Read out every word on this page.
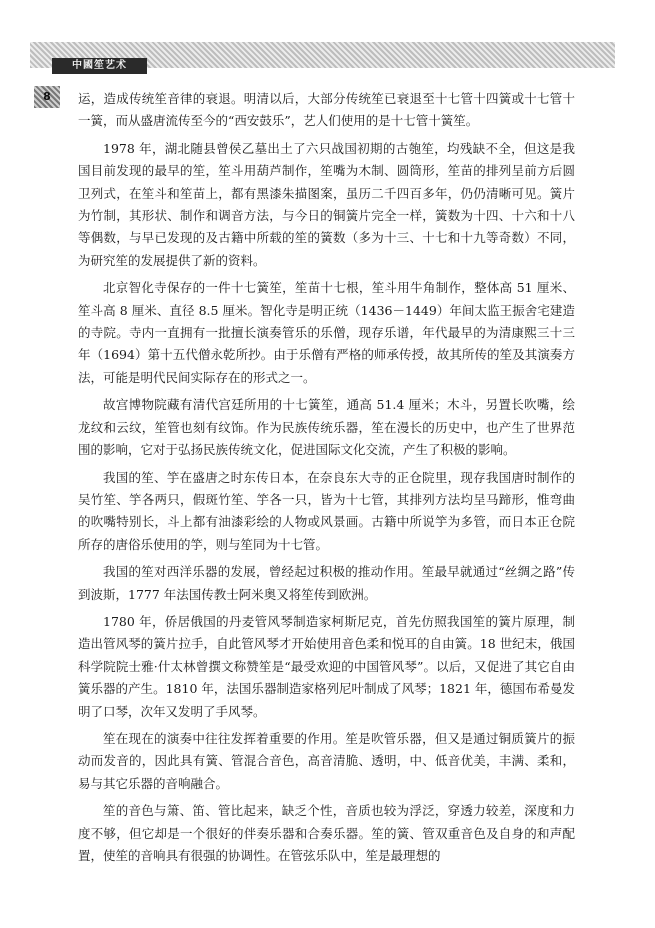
中國笙艺术
8	运，造成传统笙音律的衰退。明清以后，大部分传统笙已衰退至十七管十四簧或十七管十一簧，而从盛唐流传至今的“西安鼓乐”，艺人们使用的是十七管十簧笙。

1978 年，湖北随县曾侯乙墓出土了六只战国初期的古匏笙，均残缺不全，但这是我国目前发现的最早的笙，笙斗用葫芦制作，笙嘴为木制、圆筒形，笙苗的排列呈前方后圆卫列式，在笙斗和笙苗上，都有黑漆朱描图案，虽历二千四百多年，仍仍清晰可见。簧片为竹制，其形状、制作和调音方法，与今日的铜簧片完全一样，簧数为十四、十六和十八等偶数，与早已发现的及古籍中所载的笙的簧数（多为十三、十七和十九等奇数）不同，为研究笙的发展提供了新的资料。

北京智化寺保存的一件十七簧笙，笙苗十七根，笙斗用牛角制作，整体高 51 厘米、笙斗高 8 厘米、直径 8.5 厘米。智化寺是明正统（1436－1449）年间太监王振舍宅建造的寺院。寺内一直拥有一批擅长演奏管乐的乐僧，现存乐谱，年代最早的为清康熙三十三年（1694）第十五代僧永乾所抄。由于乐僧有严格的师承传授，故其所传的笙及其演奏方法，可能是明代民间实际存在的形式之一。

故宫博物院藏有清代宫廷所用的十七簧笙，通高 51.4 厘米；木斗，另置长吹嘴，绘龙纹和云纹，笙管也刻有纹饰。作为民族传统乐器，笙在漫长的历史中，也产生了世界范围的影响，它对于弘扬民族传统文化，促进国际文化交流，产生了积极的影响。

我国的笙、竽在盛唐之时东传日本，在奈良东大寺的正仓院里，现存我国唐时制作的吴竹笙、竽各两只，假斑竹笙、竽各一只，皆为十七管，其排列方法均呈马蹄形，惟弯曲的吹嘴特别长，斗上都有油漆彩绘的人物或风景画。古籍中所说竽为多管，而日本正仓院所存的唐俗乐使用的竽，则与笙同为十七管。

我国的笙对西洋乐器的发展，曾经起过积极的推动作用。笙最早就通过“丝绸之路”传到波斯，1777 年法国传教士阿米奥又将笙传到欧洲。

1780 年，侨居俄国的丹麦管风琴制造家柯斯尼克，首先仿照我国笙的簧片原理，制造出管风琴的簧片拉手，自此管风琴才开始使用音色柔和悦耳的自由簧。18 世纪末，俄国科学院院士雅·什太林曾撰文称赞笙是“最受欢迎的中国管风琴”。以后，又促进了其它自由簧乐器的产生。1810 年，法国乐器制造家格列尼叶制成了风琴；1821 年，德国布希曼发明了口琴，次年又发明了手风琴。

笙在现在的演奏中往往发挥着重要的作用。笙是吹管乐器，但又是通过铜质簧片的振动而发音的，因此具有簧、管混合音色，高音清脆、透明，中、低音优美，丰满、柔和，易与其它乐器的音响融合。

笙的音色与箫、笛、管比起来，缺乏个性，音质也较为浮泛，穿透力较差，深度和力度不够，但它却是一个很好的伴奏乐器和合奏乐器。笙的簧、管双重音色及自身的和声配置，使笙的音响具有很强的协调性。在管弦乐队中，笙是最理想的
